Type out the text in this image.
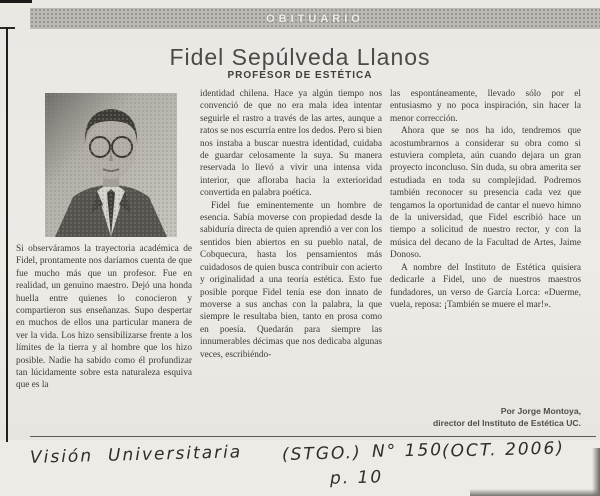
OBITUARIO
Fidel Sepúlveda Llanos
PROFESOR DE ESTÉTICA

Si observáramos la trayectoria académica de Fidel, prontamente nos daríamos cuenta de que fue mucho más que un profesor. Fue en realidad, un genuino maestro. Dejó una honda huella entre quienes lo conocieron y compartieron sus enseñanzas. Supo despertar en muchos de ellos una particular manera de ver la vida. Los hizo sensibilizarse frente a los límites de la tierra y al hombre que los hizo posible. Nadie ha sabido como él profundizar tan lúcidamente sobre esta naturaleza esquiva que es la

identidad chilena. Hace ya algún tiempo nos convenció de que no era mala idea intentar seguirle el rastro a través de las artes, aunque a ratos se nos escurría entre los dedos. Pero si bien nos instaba a buscar nuestra identidad, cuidaba de guardar celosamente la suya. Su manera reservada lo llevó a vivir una intensa vida interior, que afloraba hacia la exterioridad convertida en palabra poética.

Fidel fue eminentemente un hombre de esencia. Sabía moverse con propiedad desde la sabiduría directa de quien aprendió a ver con los sentidos bien abiertos en su pueblo natal, de Cobquecura, hasta los pensamientos más cuidadosos de quien busca contribuir con acierto y originalidad a una teoría estética. Esto fue posible porque Fidel tenía ese don innato de moverse a sus anchas con la palabra, la que siempre le resultaba bien, tanto en prosa como en poesía. Quedarán para siempre las innumerables décimas que nos dedicaba algunas veces, escribiéndo-

las espontáneamente, llevado sólo por el entusiasmo y no poca inspiración, sin hacer la menor corrección.

Ahora que se nos ha ido, tendremos que acostumbrarnos a considerar su obra como si estuviera completa, aún cuando dejara un gran proyecto inconcluso. Sin duda, su obra amerita ser estudiada en toda su complejidad. Podremos también reconocer su presencia cada vez que tengamos la oportunidad de cantar el nuevo himno de la universidad, que Fidel escribió hace un tiempo a solicitud de nuestro rector, y con la música del decano de la Facultad de Artes, Jaime Donoso.

A nombre del Instituto de Estética quisiera dedicarle a Fidel, uno de nuestros maestros fundadores, un verso de García Lorca: «Duerme, vuela, reposa: ¡También se muere el mar!».

Por Jorge Montoya,
director del Instituto de Estética UC.
Visión Universitaria (STGO.) N° 150
(OCT. 2006)
p. 10
